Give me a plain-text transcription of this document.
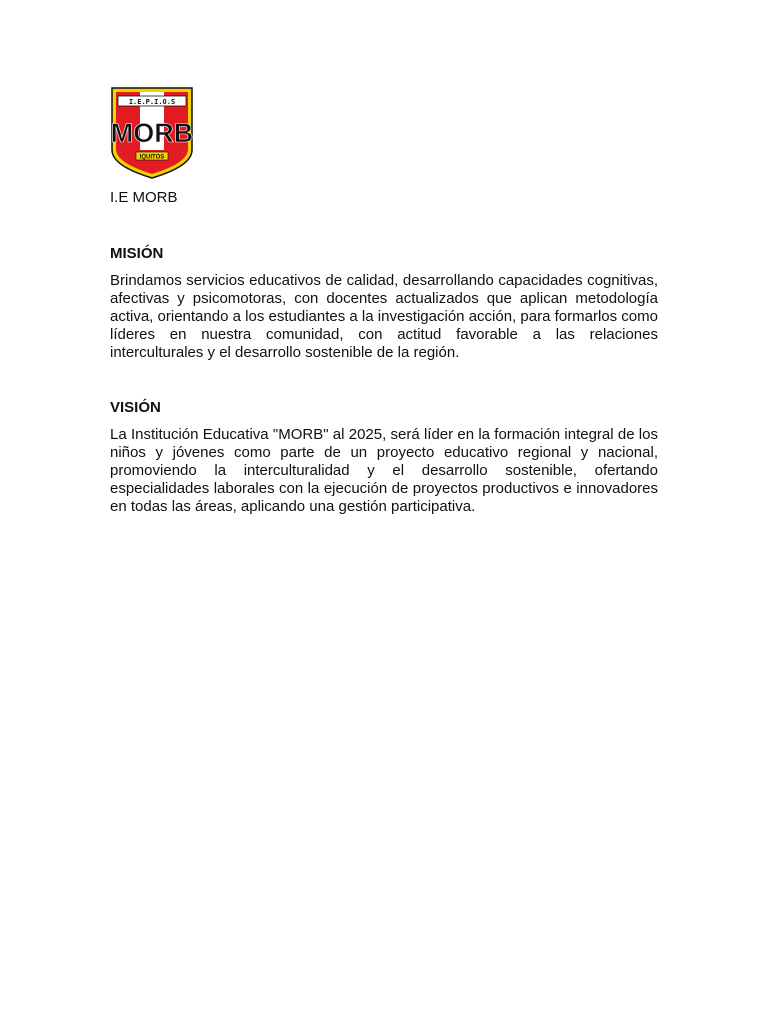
I.E.P.I.O.S
MORB
IQUITOS
I.E MORB
MISIÓN

Brindamos servicios educativos de calidad, desarrollando capacidades cognitivas, afectivas y psicomotoras, con docentes actualizados que aplican metodología activa, orientando a los estudiantes a la investigación acción, para formarlos como líderes en nuestra comunidad, con actitud favorable a las relaciones interculturales y el desarrollo sostenible de la región.

VISIÓN

La Institución Educativa "MORB" al 2025, será líder en la formación integral de los niños y jóvenes como parte de un proyecto educativo regional y nacional, promoviendo la interculturalidad y el desarrollo sostenible, ofertando especialidades laborales con la ejecución de proyectos productivos e innovadores en todas las áreas, aplicando una gestión participativa.
